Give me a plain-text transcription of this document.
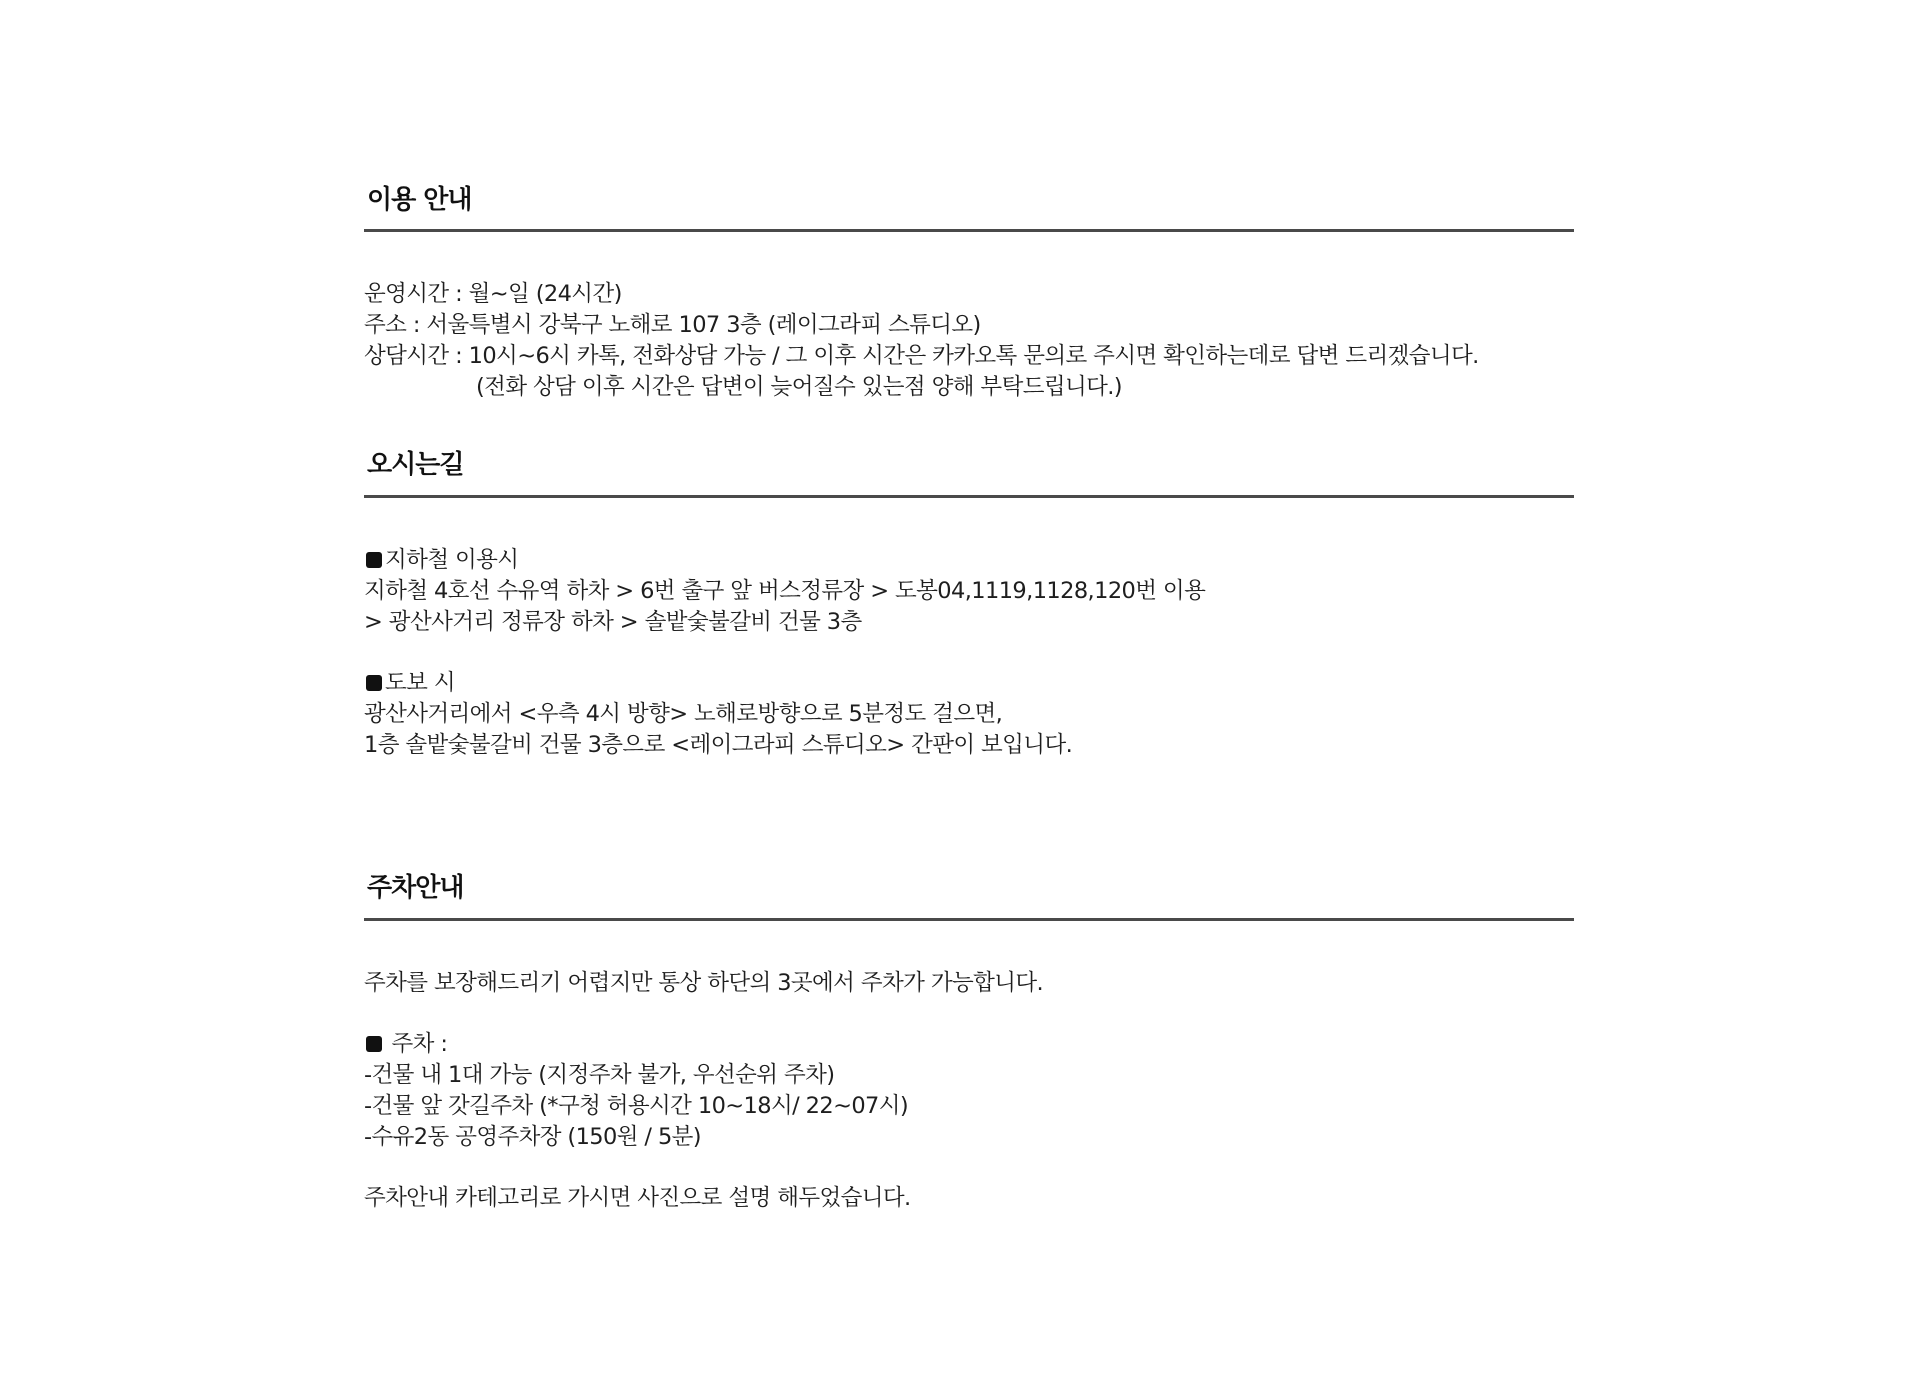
이용 안내
운영시간 : 월~일 (24시간)
주소 : 서울특별시 강북구 노해로 107 3층 (레이그라피 스튜디오)
상담시간 : 10시~6시 카톡, 전화상담 가능 / 그 이후 시간은 카카오톡 문의로 주시면 확인하는데로 답변 드리겠습니다.
(전화 상담 이후 시간은 답변이 늦어질수 있는점 양해 부탁드립니다.)
오시는길
지하철 이용시
지하철 4호선 수유역 하차 > 6번 출구 앞 버스정류장 > 도봉04,1119,1128,120번 이용
> 광산사거리 정류장 하차 > 솔밭숯불갈비 건물 3층
도보 시
광산사거리에서 <우측 4시 방향> 노해로방향으로 5분정도 걸으면,
1층 솔밭숯불갈비 건물 3층으로 <레이그라피 스튜디오> 간판이 보입니다.
주차안내
주차를 보장해드리기 어렵지만 통상 하단의 3곳에서 주차가 가능합니다.
주차 :
-건물 내 1대 가능 (지정주차 불가, 우선순위 주차)
-건물 앞 갓길주차 (*구청 허용시간 10~18시/ 22~07시)
-수유2동 공영주차장 (150원 / 5분)
주차안내 카테고리로 가시면 사진으로 설명 해두었습니다.
